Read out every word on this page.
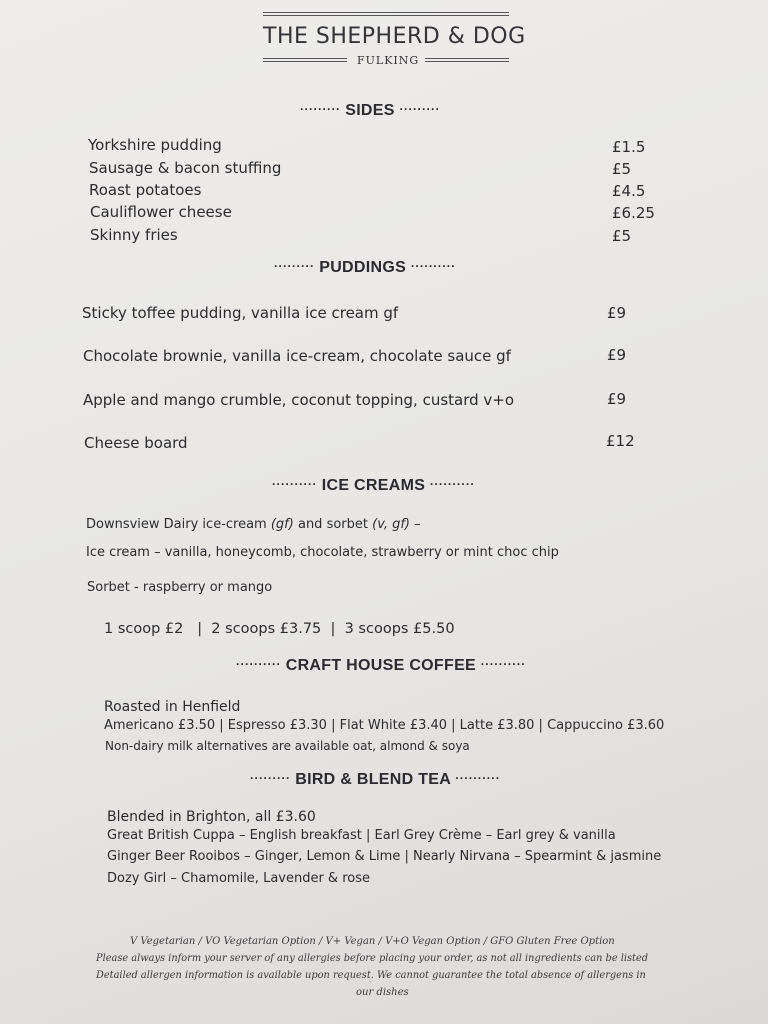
THE SHEPHERD & DOG
FULKING
········· SIDES ·········
Yorkshire pudding	£1.5
Sausage & bacon stuffing	£5
Roast potatoes	£4.5
Cauliflower cheese	£6.25
Skinny fries	£5
········· PUDDINGS ··········
Sticky toffee pudding, vanilla ice cream gf	£9
Chocolate brownie, vanilla ice-cream, chocolate sauce gf	£9
Apple and mango crumble, coconut topping, custard v+o	£9
Cheese board	£12
·········· ICE CREAMS ··········
Downsview Dairy ice-cream (gf) and sorbet (v, gf) –
Ice cream – vanilla, honeycomb, chocolate, strawberry or mint choc chip
Sorbet - raspberry or mango
1 scoop £2   |  2 scoops £3.75  |  3 scoops £5.50
·········· CRAFT HOUSE COFFEE ··········
Roasted in Henfield
Americano £3.50 | Espresso £3.30 | Flat White £3.40 | Latte £3.80 | Cappuccino £3.60
Non-dairy milk alternatives are available oat, almond & soya
········· BIRD & BLEND TEA ··········
Blended in Brighton, all £3.60
Great British Cuppa – English breakfast | Earl Grey Crème – Earl grey & vanilla
Ginger Beer Rooibos – Ginger, Lemon & Lime | Nearly Nirvana – Spearmint & jasmine
Dozy Girl – Chamomile, Lavender & rose
V Vegetarian / VO Vegetarian Option / V+ Vegan / V+O Vegan Option / GFO Gluten Free Option
Please always inform your server of any allergies before placing your order, as not all ingredients can be listed
Detailed allergen information is available upon request. We cannot guarantee the total absence of allergens in
our dishes
